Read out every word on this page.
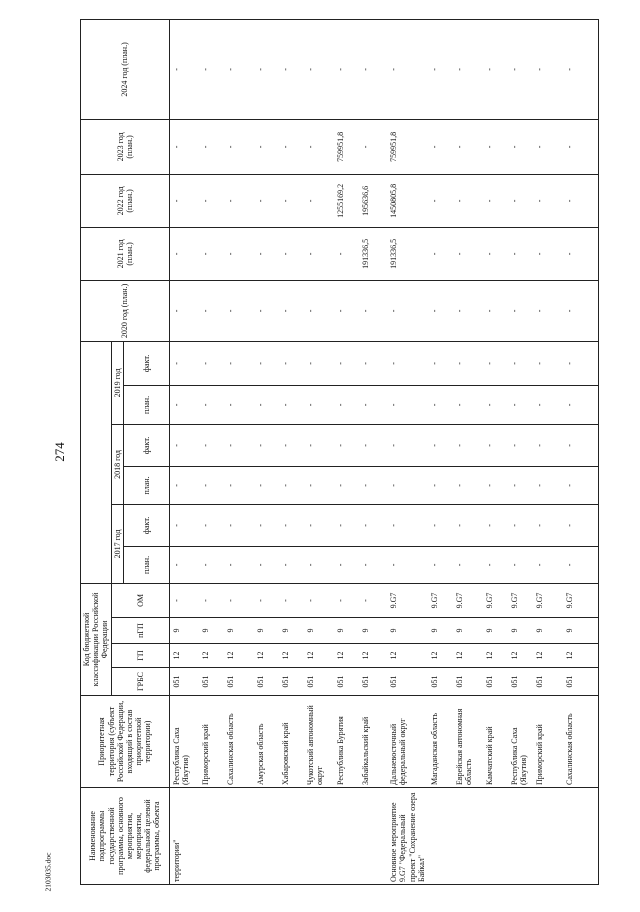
274
2103035.doc
Наименование подпрограммы государственной программы, основного мероприятия, мероприятия, федеральной целевой программы, объекта	Приоритетная территория (субъект Российской Федерации, входящий в состав приоритетной территории)	Код бюджетной классификации Российской Федерации										2020 год (план.)	2021 год (план.)	2022 год (план.)	2023 год (план.)	2024 год (план.)
		ГРБС	ГП	пГП	ОМ	2017 год		2018 год		2019 год						
						план.	факт.	план.	факт.	план.	факт.					
территории"	Республика Саха (Якутия)	051	12	9	-	-	-	-	-	-	-	-	-	-	-	-
	Приморский край	051	12	9	-	-	-	-	-	-	-	-	-	-	-	-
	Сахалинская область	051	12	9	-	-	-	-	-	-	-	-	-	-	-	-
	Амурская область	051	12	9	-	-	-	-	-	-	-	-	-	-	-	-
	Хабаровский край	051	12	9	-	-	-	-	-	-	-	-	-	-	-	-
	Чукотский автономный округ	051	12	9	-	-	-	-	-	-	-	-	-	-	-	-
	Республика Бурятия	051	12	9	-	-	-	-	-	-	-	-	-	1255169,2	759951,8	-
	Забайкальский край	051	12	9	-	-	-	-	-	-	-	-	191336,5	195636,6	-	-
Основное мероприятие 9.G7 "Федеральный проект "Сохранение озера Байкал"	Дальневосточный федеральный округ	051	12	9	9.G7	-	-	-	-	-	-	-	191336,5	1450805,8	759951,8	-
	Магаданская область	051	12	9	9.G7	-	-	-	-	-	-	-	-	-	-	-
	Еврейская автономная область	051	12	9	9.G7	-	-	-	-	-	-	-	-	-	-	-
	Камчатский край	051	12	9	9.G7	-	-	-	-	-	-	-	-	-	-	-
	Республика Саха (Якутия)	051	12	9	9.G7	-	-	-	-	-	-	-	-	-	-	-
	Приморский край	051	12	9	9.G7	-	-	-	-	-	-	-	-	-	-	-
	Сахалинская область	051	12	9	9.G7	-	-	-	-	-	-	-	-	-	-	-
